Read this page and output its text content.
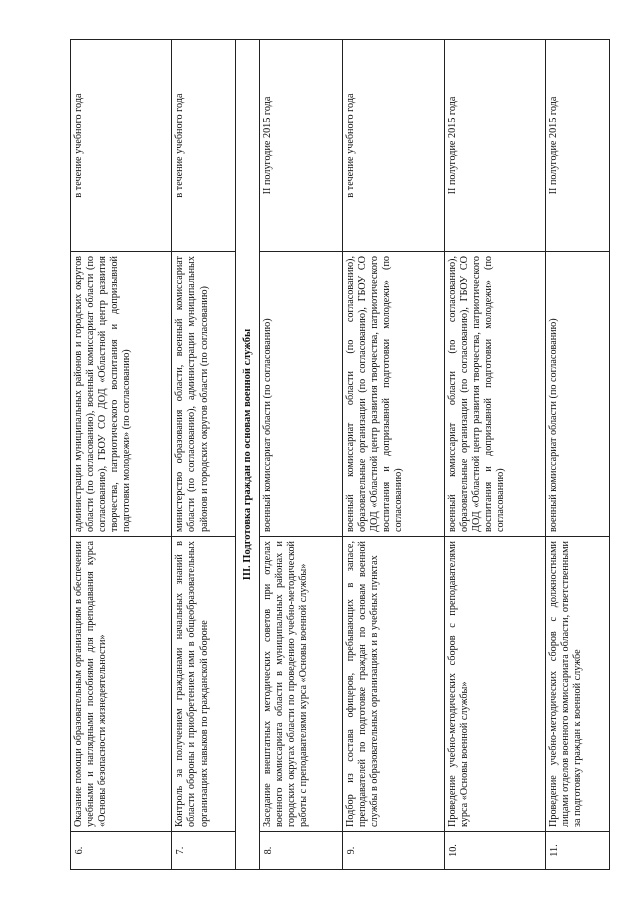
6.	Оказание помощи образовательным организациям в обеспечении учебными и наглядными пособиями для преподавания курса «Основы безопасности жизнедеятельности»	администрации муниципальных районов и городских округов области (по согласованию), военный комиссариат области (по согласованию), ГБОУ СО ДОД «Областной центр развития творчества, патриотического воспитания и допризывной подготовки молодежи» (по согласованию)	в течение учебного года
7.	Контроль за получением гражданами начальных знаний в области обороны и приобретением ими в общеобразовательных организациях навыков по гражданской обороне	министерство образования области, военный комиссариат области (по согласованию), администрации муниципальных районов и городских округов области (по согласованию)	в течение учебного года
III. Подготовка граждан по основам военной службы			
8.	Заседание внештатных методических советов при отделах военного комиссариата области в муниципальных районах и городских округах области по проведению учебно-методической работы с преподавателями курса «Основы военной службы»	военный комиссариат области (по согласованию)	II полугодие 2015 года
9.	Подбор из состава офицеров, пребывающих в запасе, преподавателей по подготовке граждан по основам военной службы в образовательных организациях и в учебных пунктах	военный комиссариат области (по согласованию), образовательные организации (по согласованию), ГБОУ СО ДОД «Областной центр развития творчества, патриотического воспитания и допризывной подготовки молодежи» (по согласованию)	в течение учебного года
10.	Проведение учебно-методических сборов с преподавателями курса «Основы военной службы»	военный комиссариат области (по согласованию), образовательные организации (по согласованию), ГБОУ СО ДОД «Областной центр развития творчества, патриотического воспитания и допризывной подготовки молодежи» (по согласованию)	II полугодие 2015 года
11.	Проведение учебно-методических сборов с должностными лицами отделов военного комиссариата области, ответственными за подготовку граждан к военной службе	военный комиссариат области (по согласованию)	II полугодие 2015 года
